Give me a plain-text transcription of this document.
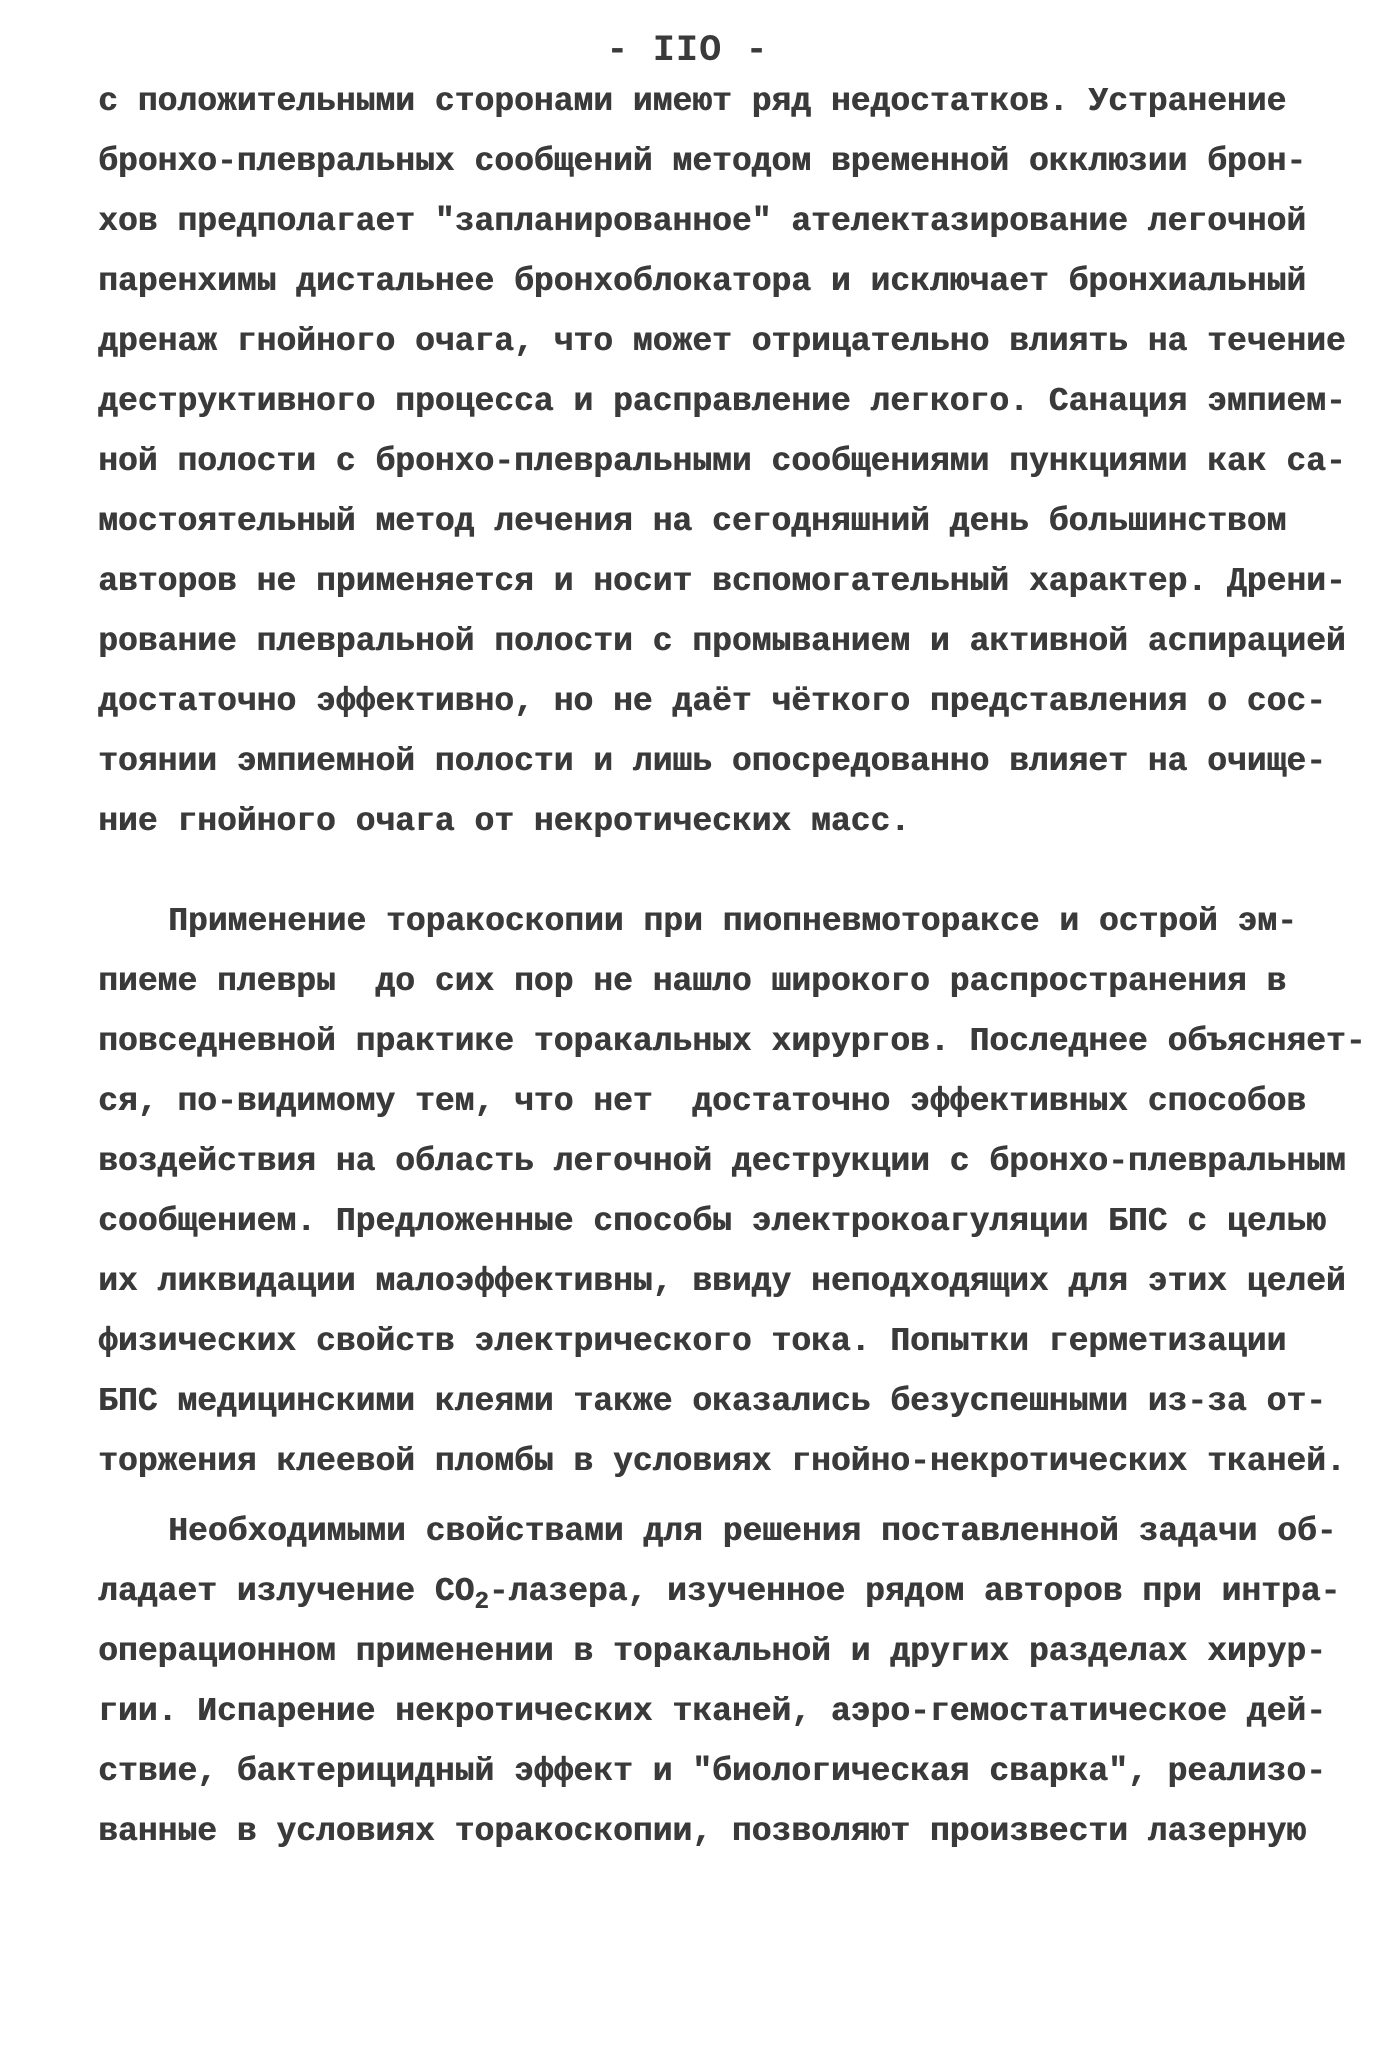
- IIO -
с положительными сторонами имеют ряд недостатков. Устранение
бронхо-плевральных сообщений методом временной окклюзии брон-
хов предполагает "запланированное" ателектазирование легочной
паренхимы дистальнее бронхоблокатора и исключает бронхиальный
дренаж гнойного очага, что может отрицательно влиять на течение
деструктивного процесса и расправление легкого. Санация эмпием-
ной полости с бронхо-плевральными сообщениями пункциями как са-
мостоятельный метод лечения на сегодняшний день большинством
авторов не применяется и носит вспомогательный характер. Дрени-
рование плевральной полости с промыванием и активной аспирацией
достаточно эффективно, но не даёт чёткого представления о сос-
тоянии эмпиемной полости и лишь опосредованно влияет на очище-
ние гнойного очага от некротических масс.
Применение торакоскопии при пиопневмотораксе и острой эм-
пиеме плевры  до сих пор не нашло широкого распространения в
повседневной практике торакальных хирургов. Последнее объясняет-
ся, по-видимому тем, что нет  достаточно эффективных способов
воздействия на область легочной деструкции с бронхо-плевральным
сообщением. Предложенные способы электрокоагуляции БПС с целью
их ликвидации малоэффективны, ввиду неподходящих для этих целей
физических свойств электрического тока. Попытки герметизации
БПС медицинскими клеями также оказались безуспешными из-за от-
торжения клеевой пломбы в условиях гнойно-некротических тканей.
Необходимыми свойствами для решения поставленной задачи об-
ладает излучение $CO_2$-лазера, изученное рядом авторов при интра-
операционном применении в торакальной и других разделах хирур-
гии. Испарение некротических тканей, аэро-гемостатическое дей-
ствие, бактерицидный эффект и "биологическая сварка", реализо-
ванные в условиях торакоскопии, позволяют произвести лазерную
